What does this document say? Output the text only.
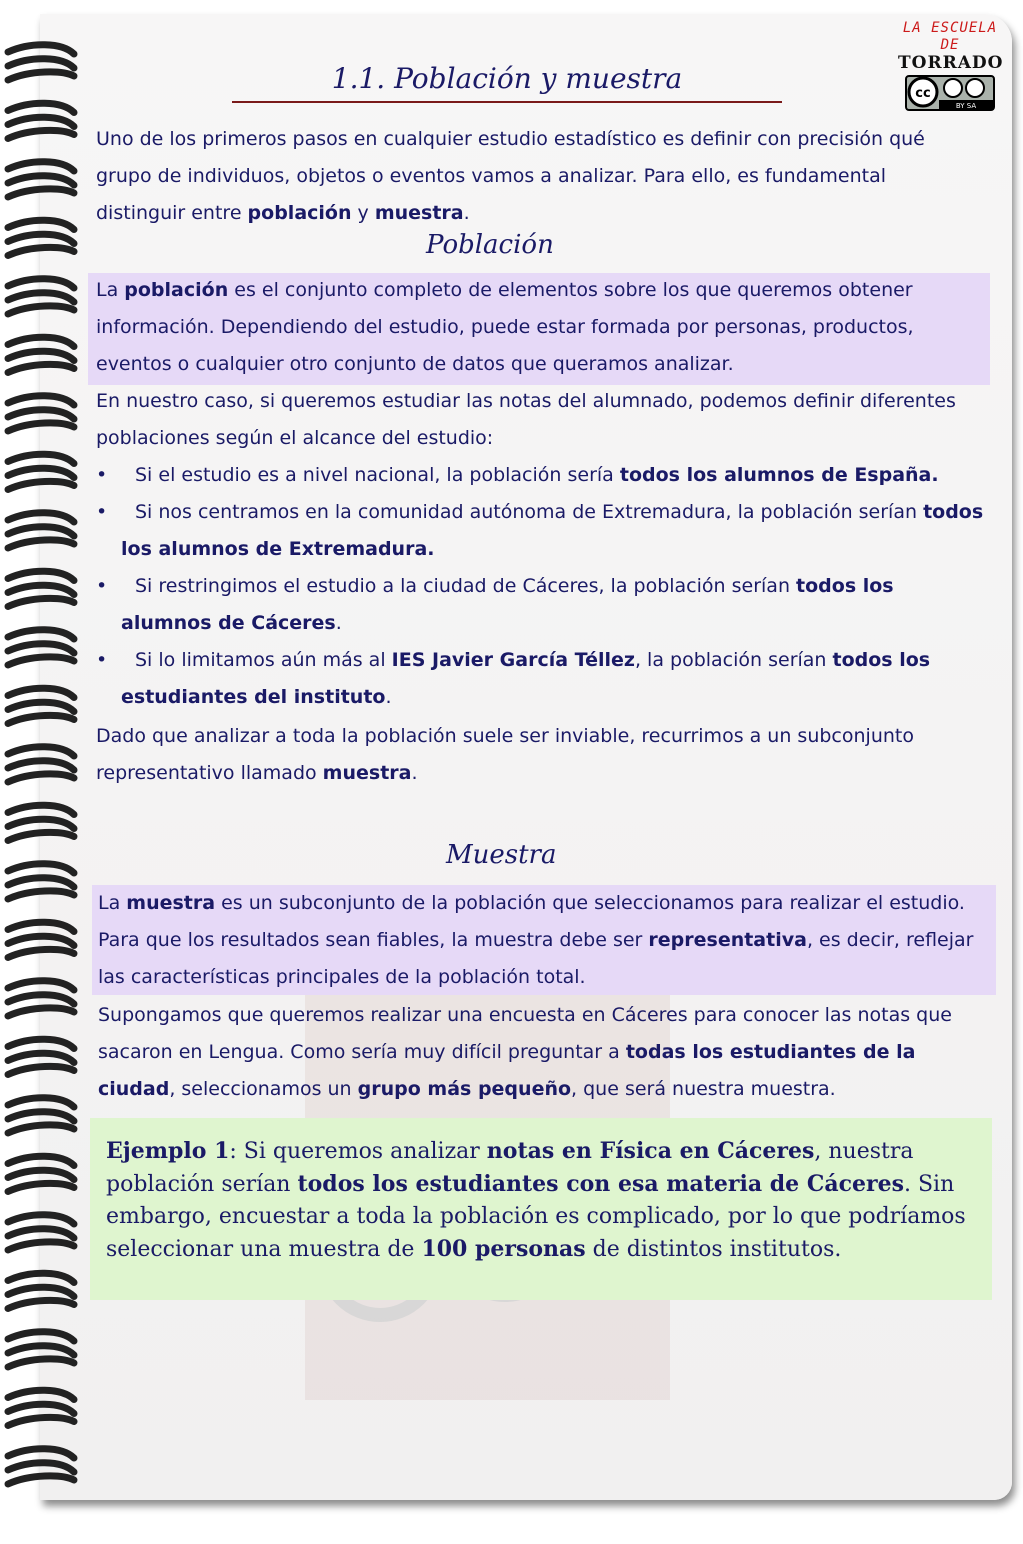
LA ESCUELA
DE
TORRADO
cc
BY SA
1.1. Población y muestra
Uno de los primeros pasos en cualquier estudio estadístico es definir con precisión qué
grupo de individuos, objetos o eventos vamos a analizar. Para ello, es fundamental
distinguir entre población y muestra.
Población
La población es el conjunto completo de elementos sobre los que queremos obtener
información. Dependiendo del estudio, puede estar formada por personas, productos,
eventos o cualquier otro conjunto de datos que queramos analizar.
En nuestro caso, si queremos estudiar las notas del alumnado, podemos definir diferentes
poblaciones según el alcance del estudio:
• Si el estudio es a nivel nacional, la población sería todos los alumnos de España.
• Si nos centramos en la comunidad autónoma de Extremadura, la población serían todos
los alumnos de Extremadura.
• Si restringimos el estudio a la ciudad de Cáceres, la población serían todos los
alumnos de Cáceres.
• Si lo limitamos aún más al IES Javier García Téllez, la población serían todos los
estudiantes del instituto.
Dado que analizar a toda la población suele ser inviable, recurrimos a un subconjunto
representativo llamado muestra.
Muestra
La muestra es un subconjunto de la población que seleccionamos para realizar el estudio.
Para que los resultados sean fiables, la muestra debe ser representativa, es decir, reflejar
las características principales de la población total.
Supongamos que queremos realizar una encuesta en Cáceres para conocer las notas que
sacaron en Lengua. Como sería muy difícil preguntar a todas los estudiantes de la
ciudad, seleccionamos un grupo más pequeño, que será nuestra muestra.
Ejemplo 1: Si queremos analizar notas en Física en Cáceres, nuestra población serían todos los estudiantes con esa materia de Cáceres. Sin embargo, encuestar a toda la población es complicado, por lo que podríamos seleccionar una muestra de 100 personas de distintos institutos.
